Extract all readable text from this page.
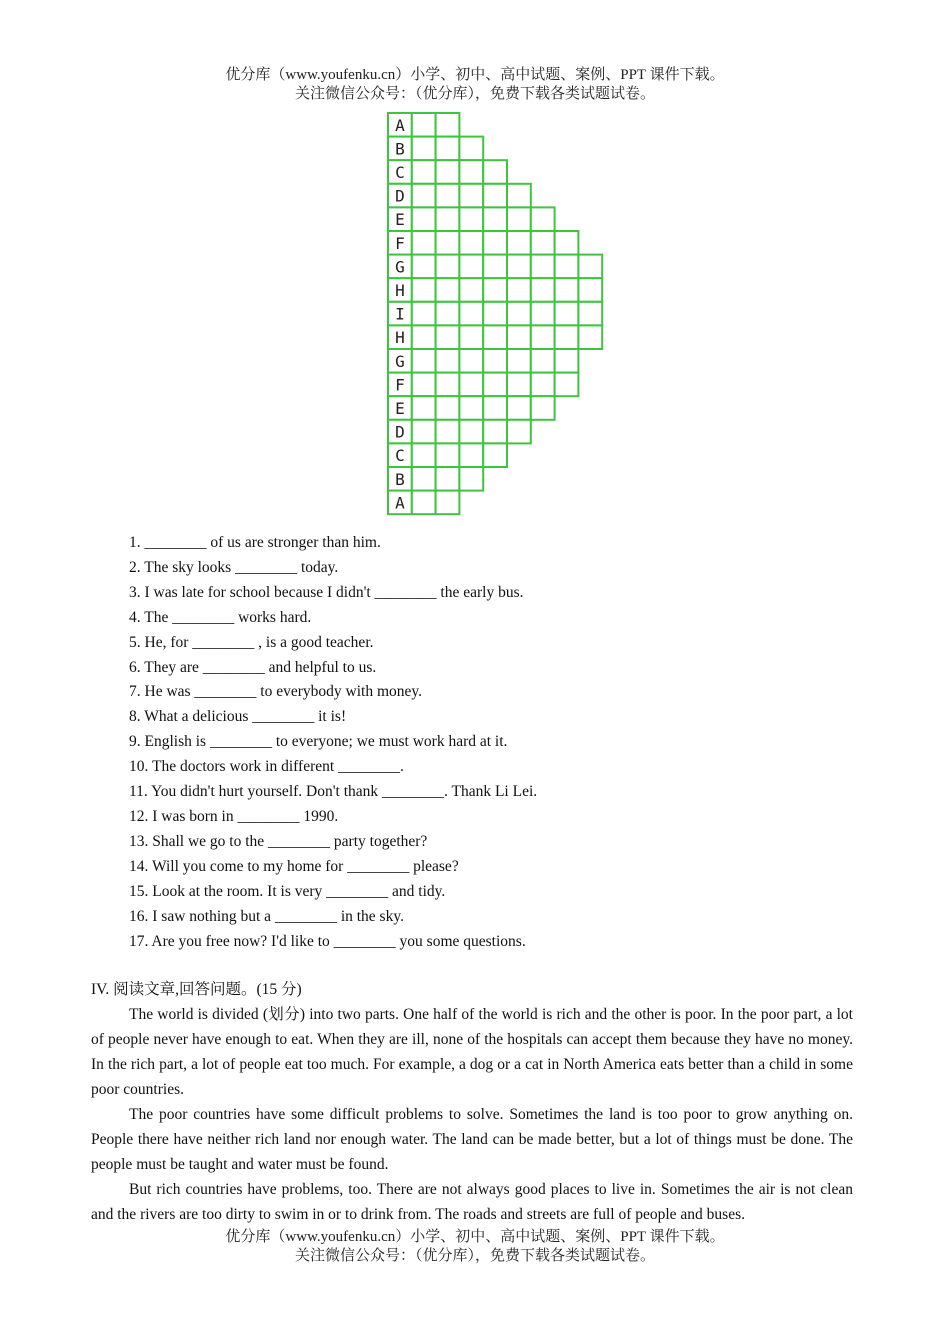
优分库（www.youfenku.cn）小学、初中、高中试题、案例、PPT 课件下载。
关注微信公众号：（优分库），免费下载各类试题试卷。
A
B
C
D
E
F
G
H
I
H
G
F
E
D
C
B
A
1. ________ of us are stronger than him.
2. The sky looks ________ today.
3. I was late for school because I didn't ________ the early bus.
4. The ________ works hard.
5. He, for ________ , is a good teacher.
6. They are ________ and helpful to us.
7. He was ________ to everybody with money.
8. What a delicious ________ it is!
9. English is ________ to everyone; we must work hard at it.
10. The doctors work in different ________.
11. You didn't hurt yourself. Don't thank ________. Thank Li Lei.
12. I was born in ________ 1990.
13. Shall we go to the ________ party together?
14. Will you come to my home for ________ please?
15. Look at the room. It is very ________ and tidy.
16. I saw nothing but a ________ in the sky.
17. Are you free now? I'd like to ________ you some questions.
IV. 阅读文章,回答问题。(15 分)

The world is divided (划分) into two parts. One half of the world is rich and the other is poor. In the poor part, a lot of people never have enough to eat. When they are ill, none of the hospitals can accept them because they have no money. In the rich part, a lot of people eat too much. For example, a dog or a cat in North America eats better than a child in some poor countries.

The poor countries have some difficult problems to solve. Sometimes the land is too poor to grow anything on. People there have neither rich land nor enough water. The land can be made better, but a lot of things must be done. The people must be taught and water must be found.

But rich countries have problems, too. There are not always good places to live in. Sometimes the air is not clean and the rivers are too dirty to swim in or to drink from. The roads and streets are full of people and buses.

优分库（www.youfenku.cn）小学、初中、高中试题、案例、PPT 课件下载。
关注微信公众号：（优分库），免费下载各类试题试卷。
